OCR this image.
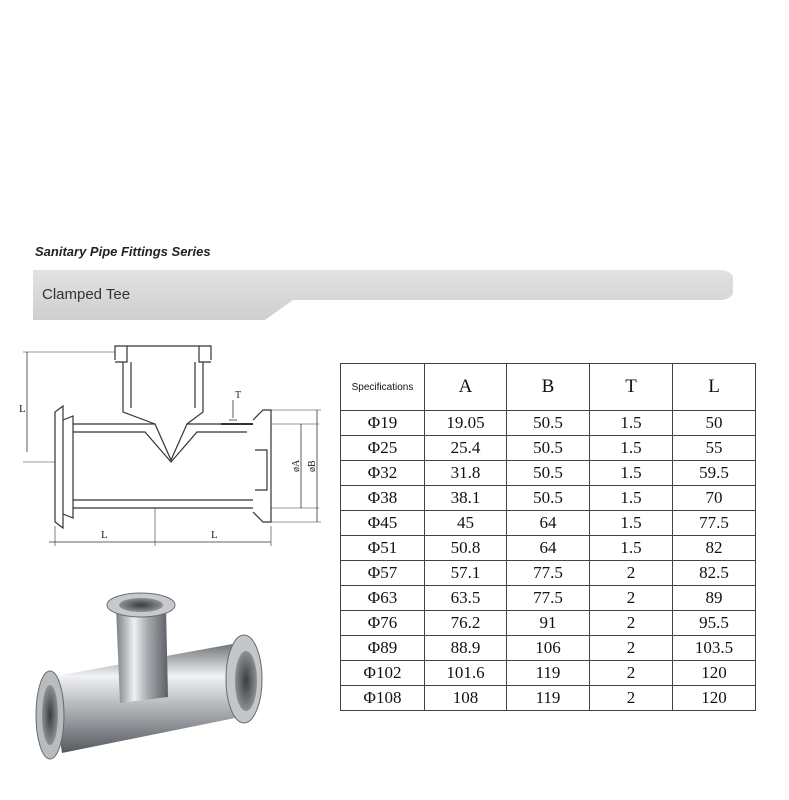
Sanitary Pipe Fittings Series
Clamped Tee
L
L	L
T
øA øB
Specifications	A	B	T	L
Φ19	19.05	50.5	1.5	50
Φ25	25.4	50.5	1.5	55
Φ32	31.8	50.5	1.5	59.5
Φ38	38.1	50.5	1.5	70
Φ45	45	64	1.5	77.5
Φ51	50.8	64	1.5	82
Φ57	57.1	77.5	2	82.5
Φ63	63.5	77.5	2	89
Φ76	76.2	91	2	95.5
Φ89	88.9	106	2	103.5
Φ102	101.6	119	2	120
Φ108	108	119	2	120
